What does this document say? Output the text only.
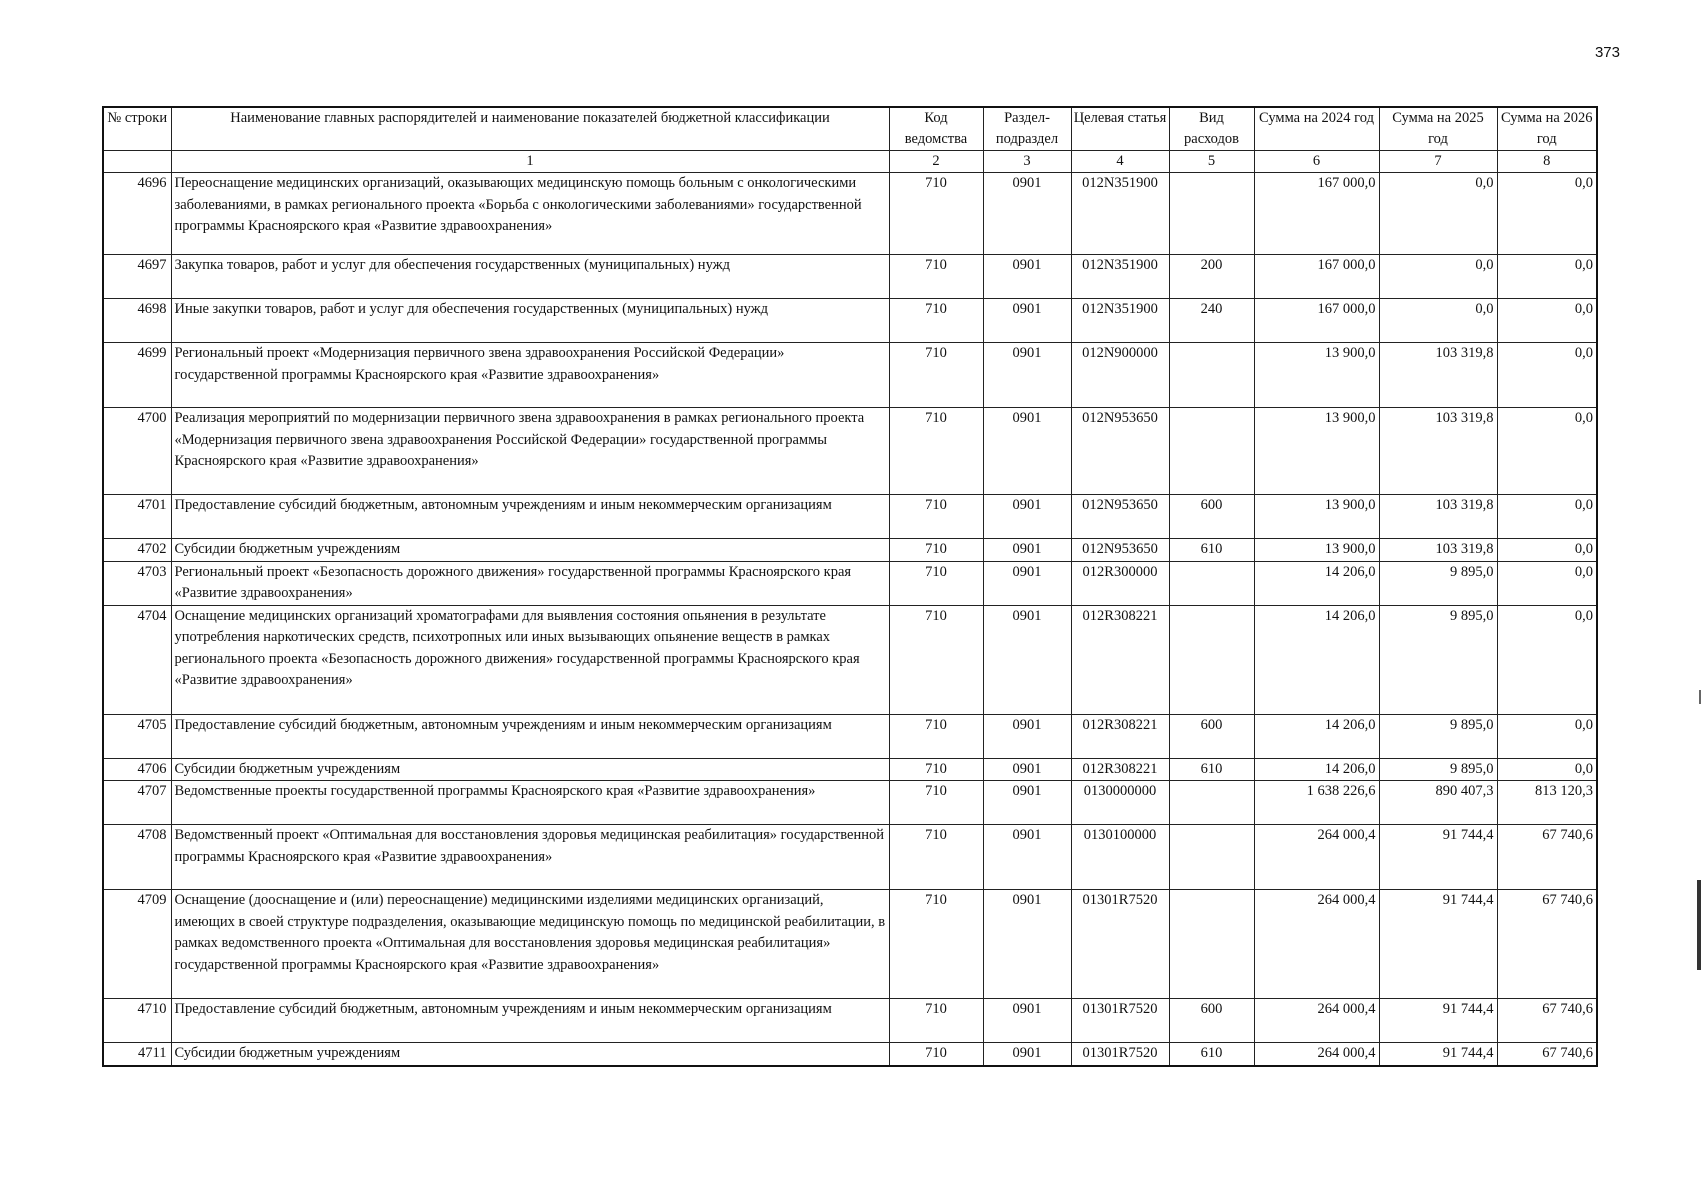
373
№ строки	Наименование главных распорядителей и наименование показателей бюджетной классификации	Код ведомства	Раздел-подраздел	Целевая статья	Вид расходов	Сумма на 2024 год	Сумма на 2025 год	Сумма на 2026 год
	1	2	3	4	5	6	7	8
4696	Переоснащение медицинских организаций, оказывающих медицинскую помощь больным с онкологическими заболеваниями, в рамках регионального проекта «Борьба с онкологическими заболеваниями» государственной программы Красноярского края «Развитие здравоохранения»	710	0901	012N351900		167 000,0	0,0	0,0
4697	Закупка товаров, работ и услуг для обеспечения государственных (муниципальных) нужд	710	0901	012N351900	200	167 000,0	0,0	0,0
4698	Иные закупки товаров, работ и услуг для обеспечения государственных (муниципальных) нужд	710	0901	012N351900	240	167 000,0	0,0	0,0
4699	Региональный проект «Модернизация первичного звена здравоохранения Российской Федерации» государственной программы Красноярского края «Развитие здравоохранения»	710	0901	012N900000		13 900,0	103 319,8	0,0
4700	Реализация мероприятий по модернизации первичного звена здравоохранения в рамках регионального проекта «Модернизация первичного звена здравоохранения Российской Федерации» государственной программы Красноярского края «Развитие здравоохранения»	710	0901	012N953650		13 900,0	103 319,8	0,0
4701	Предоставление субсидий бюджетным, автономным учреждениям и иным некоммерческим организациям	710	0901	012N953650	600	13 900,0	103 319,8	0,0
4702	Субсидии бюджетным учреждениям	710	0901	012N953650	610	13 900,0	103 319,8	0,0
4703	Региональный проект «Безопасность дорожного движения» государственной программы Красноярского края «Развитие здравоохранения»	710	0901	012R300000		14 206,0	9 895,0	0,0
4704	Оснащение медицинских организаций хроматографами для выявления состояния опьянения в результате употребления наркотических средств, психотропных или иных вызывающих опьянение веществ в рамках регионального проекта «Безопасность дорожного движения» государственной программы Красноярского края «Развитие здравоохранения»	710	0901	012R308221		14 206,0	9 895,0	0,0
4705	Предоставление субсидий бюджетным, автономным учреждениям и иным некоммерческим организациям	710	0901	012R308221	600	14 206,0	9 895,0	0,0
4706	Субсидии бюджетным учреждениям	710	0901	012R308221	610	14 206,0	9 895,0	0,0
4707	Ведомственные проекты государственной программы Красноярского края «Развитие здравоохранения»	710	0901	0130000000		1 638 226,6	890 407,3	813 120,3
4708	Ведомственный проект «Оптимальная для восстановления здоровья медицинская реабилитация» государственной программы Красноярского края «Развитие здравоохранения»	710	0901	0130100000		264 000,4	91 744,4	67 740,6
4709	Оснащение (дооснащение и (или) переоснащение) медицинскими изделиями медицинских организаций, имеющих в своей структуре подразделения, оказывающие медицинскую помощь по медицинской реабилитации, в рамках ведомственного проекта «Оптимальная для восстановления здоровья медицинская реабилитация» государственной программы Красноярского края «Развитие здравоохранения»	710	0901	01301R7520		264 000,4	91 744,4	67 740,6
4710	Предоставление субсидий бюджетным, автономным учреждениям и иным некоммерческим организациям	710	0901	01301R7520	600	264 000,4	91 744,4	67 740,6
4711	Субсидии бюджетным учреждениям	710	0901	01301R7520	610	264 000,4	91 744,4	67 740,6
